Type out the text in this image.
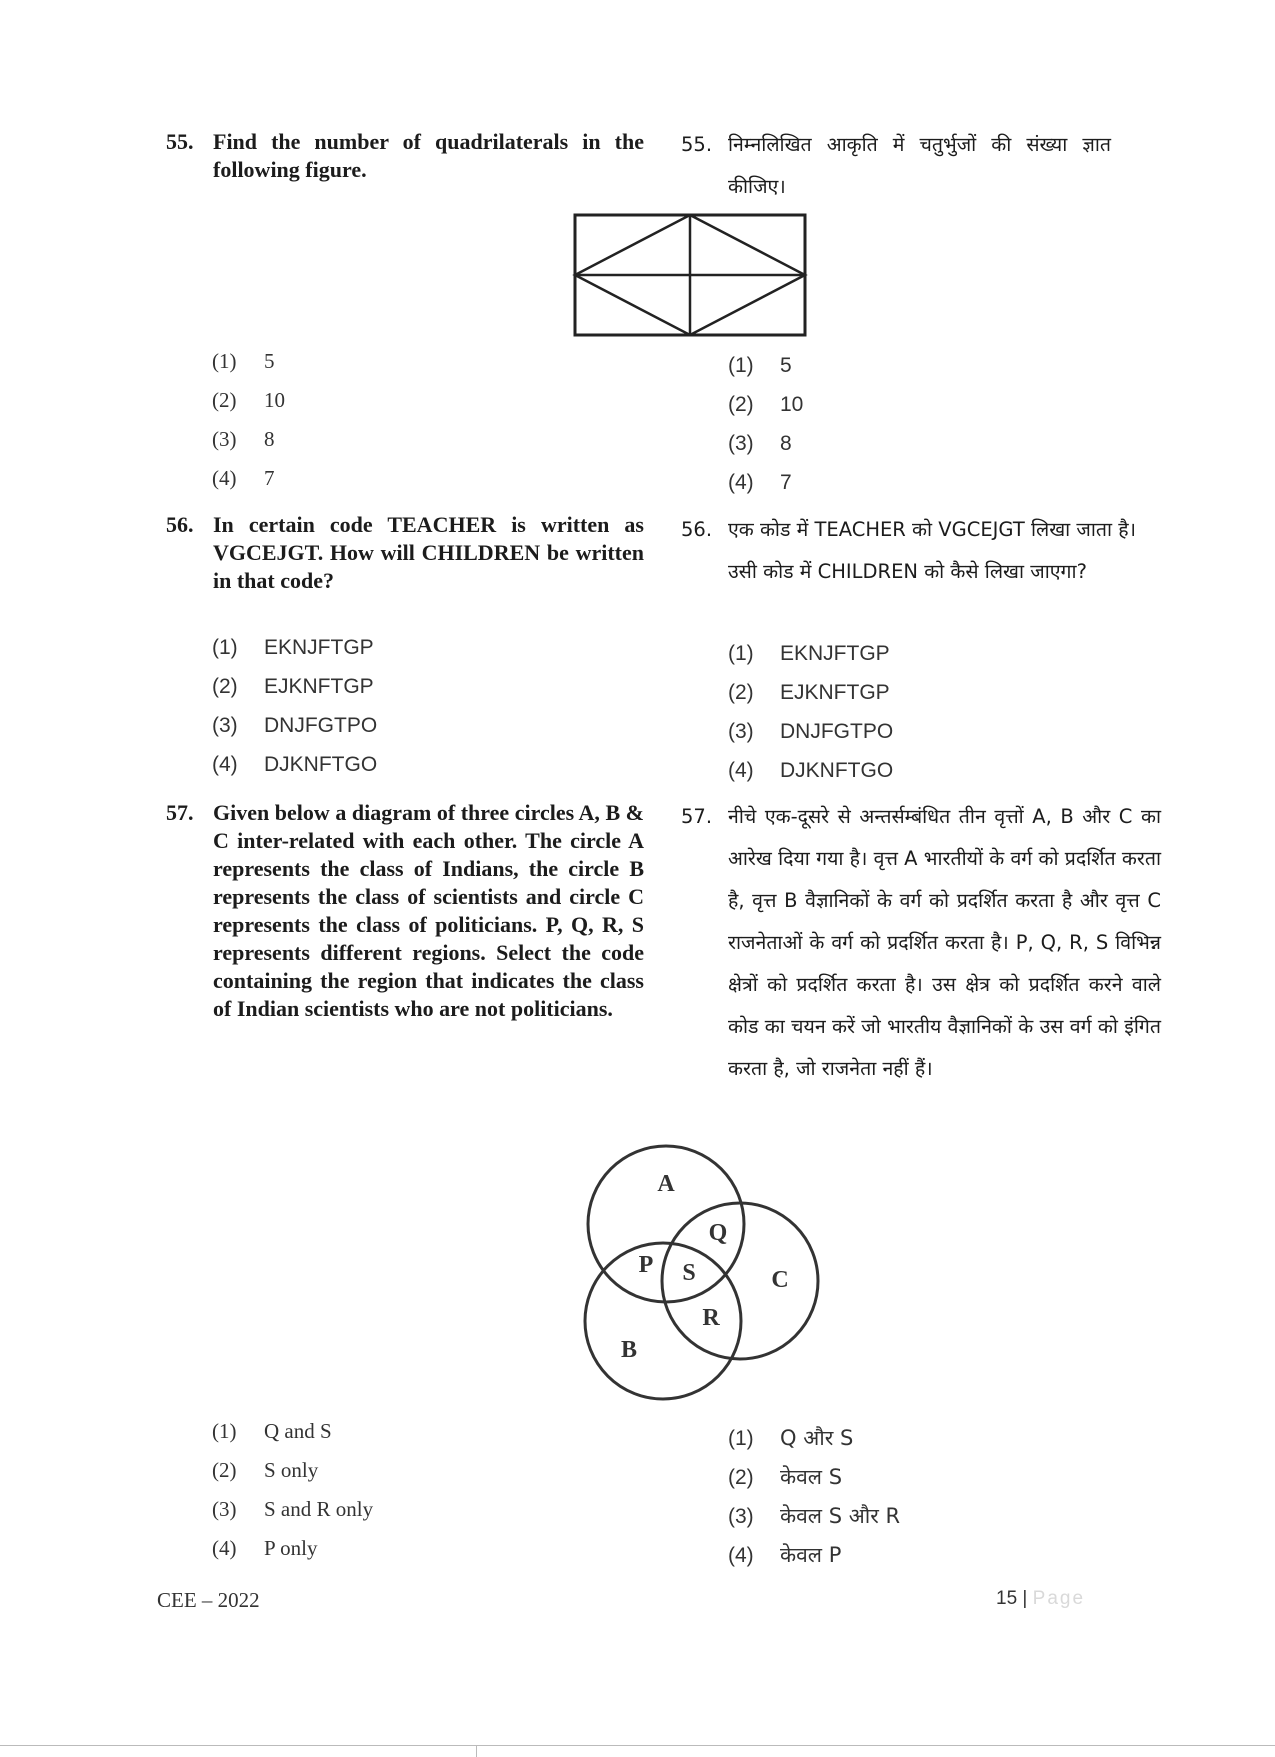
55. Find the number of quadrilaterals in the following figure.
55. निम्नलिखित आकृति में चतुर्भुजों की संख्या ज्ञात कीजिए।
(1) 5
(2) 10
(3) 8
(4) 7
(1) 5
(2) 10
(3) 8
(4) 7
56. In certain code TEACHER is written as VGCEJGT. How will CHILDREN be written in that code?
56. एक कोड में TEACHER को VGCEJGT लिखा जाता है। उसी कोड में CHILDREN को कैसे लिखा जाएगा?
(1) EKNJFTGP
(2) EJKNFTGP
(3) DNJFGTPO
(4) DJKNFTGO
(1) EKNJFTGP
(2) EJKNFTGP
(3) DNJFGTPO
(4) DJKNFTGO
57. Given below a diagram of three circles A, B & C inter-related with each other. The circle A represents the class of Indians, the circle B represents the class of scientists and circle C represents the class of politicians. P, Q, R, S represents different regions. Select the code containing the region that indicates the class of Indian scientists who are not politicians.
57. नीचे एक-दूसरे से अन्तर्सम्बंधित तीन वृत्तों A, B और C का आरेख दिया गया है। वृत्त A भारतीयों के वर्ग को प्रदर्शित करता है, वृत्त B वैज्ञानिकों के वर्ग को प्रदर्शित करता है और वृत्त C राजनेताओं के वर्ग को प्रदर्शित करता है। P, Q, R, S विभिन्न क्षेत्रों को प्रदर्शित करता है। उस क्षेत्र को प्रदर्शित करने वाले कोड का चयन करें जो भारतीय वैज्ञानिकों के उस वर्ग को इंगित करता है, जो राजनेता नहीं हैं।
A
Q
P S	C
R
B
(1) Q and S
(2) S only
(3) S and R only
(4) P only
(1) Q और S
(2) केवल S
(3) केवल S और R
(4) केवल P
CEE – 2022	15 | Page
